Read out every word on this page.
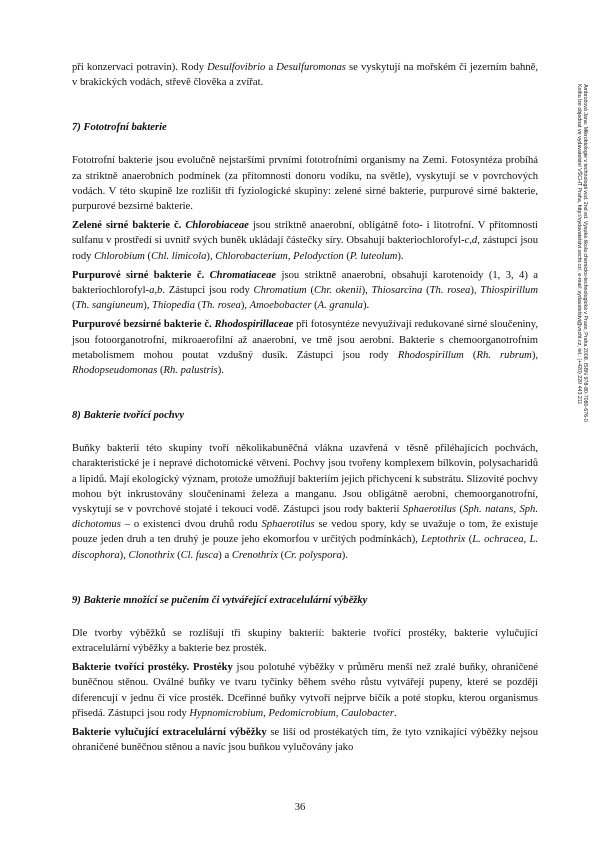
při konzervaci potravin). Rody Desulfovibrio a Desulfuromonas se vyskytují na mořském či jezerním bahně, v brakických vodách, střevě člověka a zvířat.

7) Fototrofní bakterie

Fototrofní bakterie jsou evolučně nejstaršími prvními fototrofními organismy na Zemi. Fotosyntéza probíhá za striktně anaerobních podmínek (za přítomnosti donoru vodíku, na světle), vyskytují se v povrchových vodách. V této skupině lze rozlišit tři fyziologické skupiny: zelené sirné bakterie, purpurové sirné bakterie, purpurové bezsirné bakterie.

Zelené sirné bakterie č. Chlorobiaceae jsou striktně anaerobní, obligátně foto- i litotrofní. V přítomnosti sulfanu v prostředí si uvnitř svých buněk ukládají částečky síry. Obsahují bakteriochlorofyl-c,d, zástupci jsou rody Chlorobium (Chl. limicola), Chlorobacterium, Pelodyction (P. luteolum).

Purpurové sirné bakterie č. Chromatiaceae jsou striktně anaerobní, obsahují karotenoidy (1, 3, 4) a bakteriochlorofyl-a,b. Zástupci jsou rody Chromatium (Chr. okenii), Thiosarcina (Th. rosea), Thiospirillum (Th. sangiuneum), Thiopedia (Th. rosea), Amoebobacter (A. granula).

Purpurové bezsirné bakterie č. Rhodospirillaceae při fotosyntéze nevyužívají redukované sirné sloučeniny, jsou fotoorganotrofní, mikroaerofilní až anaerobní, ve tmě jsou aerobní. Bakterie s chemoorganotrofním metabolismem mohou poutat vzdušný dusík. Zástupci jsou rody Rhodospirillum (Rh. rubrum), Rhodopseudomonas (Rh. palustris).

8) Bakterie tvořící pochvy

Buňky bakterií této skupiny tvoří několikabuněčná vlákna uzavřená v těsně přiléhajících pochvách, charakteristické je i nepravé dichotomické větvení. Pochvy jsou tvořeny komplexem bílkovin, polysacharidů a lipidů. Mají ekologický význam, protože umožňují bakteriím jejich přichycení k substrátu. Slizovité pochvy mohou být inkrustovány sloučeninami železa a manganu. Jsou obligátně aerobní, chemoorganotrofní, vyskytují se v povrchové stojaté i tekoucí vodě. Zástupci jsou rody bakterií Sphaerotilus (Sph. natans, Sph. dichotomus – o existenci dvou druhů rodu Sphaerotilus se vedou spory, kdy se uvažuje o tom, že existuje pouze jeden druh a ten druhý je pouze jeho ekomorfou v určitých podmínkách), Leptothrix (L. ochracea, L. discophora), Clonothrix (Cl. fusca) a Crenothrix (Cr. polyspora).

9) Bakterie množící se pučením či vytvářející extracelulární výběžky

Dle tvorby výběžků se rozlišují tři skupiny bakterií: bakterie tvořící prostéky, bakterie vylučující extracelulární výběžky a bakterie bez prosték.

Bakterie tvořící prostéky. Prostéky jsou polotuhé výběžky v průměru menší než zralé buňky, ohraničené buněčnou stěnou. Oválné buňky ve tvaru tyčinky během svého růstu vytvářejí pupeny, které se později diferencují v jednu či více prosték. Dceřinné buňky vytvoří nejprve bičík a poté stopku, kterou organismus přisedá. Zástupci jsou rody Hypnomicrobium, Pedomicrobium, Caulobacter.

Bakterie vylučující extracelulární výběžky se liší od prostékatých tím, že tyto vznikající výběžky nejsou ohraničené buněčnou stěnou a navíc jsou buňkou vylučovány jako

Ambrožová Jana: Mikrobiologie v technologii vod. 2nd ed. Vysoká škola chemicko-technologická v Praze, Praha 2008. ISBN 978-80-7080-676-0
Knihu lze objednat ve vydavatelství VŠCHT Praha, http://vydavatelstvi.vscht.cz/, e-mail: vydavatelstvi@vscht.cz, tel.: (+420) 220 443 211
36
